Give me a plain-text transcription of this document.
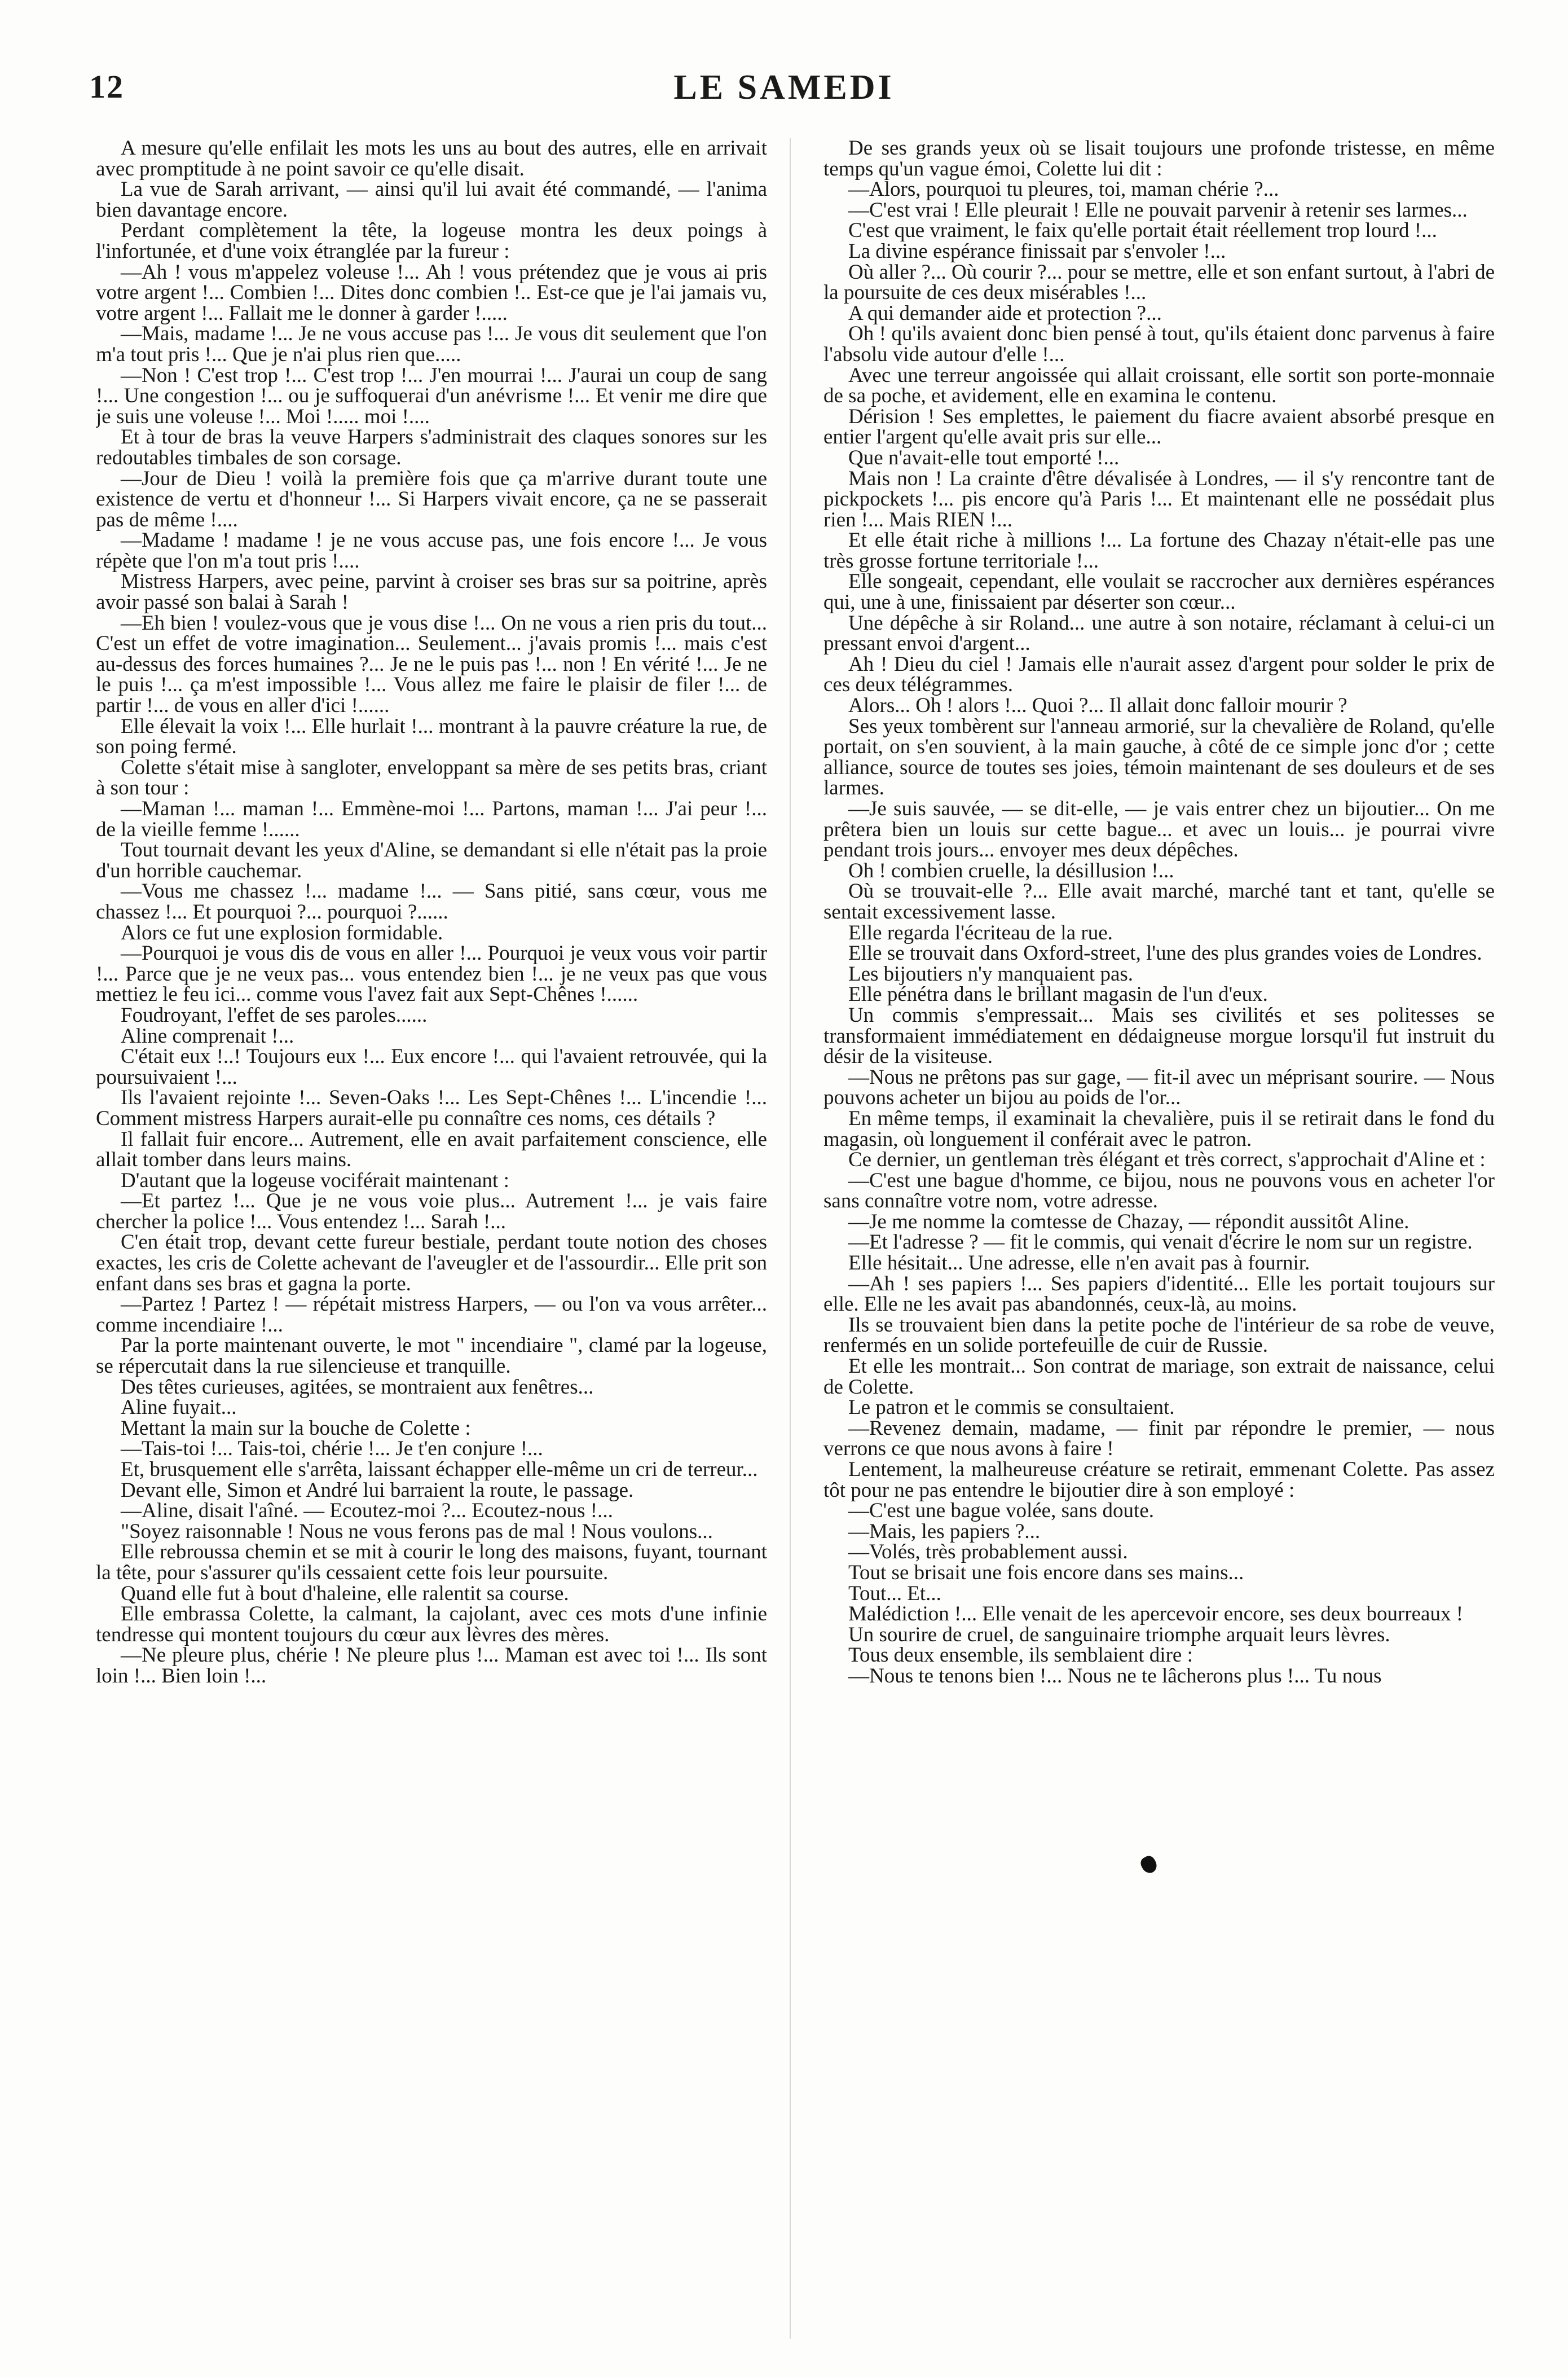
12	LE SAMEDI

A mesure qu'elle enfilait les mots les uns au bout des autres, elle en arrivait avec promptitude à ne point savoir ce qu'elle disait.

La vue de Sarah arrivant, — ainsi qu'il lui avait été commandé, — l'anima bien davantage encore.

Perdant complètement la tête, la logeuse montra les deux poings à l'infortunée, et d'une voix étranglée par la fureur :

—Ah ! vous m'appelez voleuse !... Ah ! vous prétendez que je vous ai pris votre argent !... Combien !... Dites donc combien !.. Est-ce que je l'ai jamais vu, votre argent !... Fallait me le donner à garder !.....

—Mais, madame !... Je ne vous accuse pas !... Je vous dit seulement que l'on m'a tout pris !... Que je n'ai plus rien que.....

—Non ! C'est trop !... C'est trop !... J'en mourrai !... J'aurai un coup de sang !... Une congestion !... ou je suffoquerai d'un anévrisme !... Et venir me dire que je suis une voleuse !... Moi !..... moi !....

Et à tour de bras la veuve Harpers s'administrait des claques sonores sur les redoutables timbales de son corsage.

—Jour de Dieu ! voilà la première fois que ça m'arrive durant toute une existence de vertu et d'honneur !... Si Harpers vivait encore, ça ne se passerait pas de même !....

—Madame ! madame ! je ne vous accuse pas, une fois encore !... Je vous répète que l'on m'a tout pris !....

Mistress Harpers, avec peine, parvint à croiser ses bras sur sa poitrine, après avoir passé son balai à Sarah !

—Eh bien ! voulez-vous que je vous dise !... On ne vous a rien pris du tout... C'est un effet de votre imagination... Seulement... j'avais promis !... mais c'est au-dessus des forces humaines ?... Je ne le puis pas !... non ! En vérité !... Je ne le puis !... ça m'est impossible !... Vous allez me faire le plaisir de filer !... de partir !... de vous en aller d'ici !......

Elle élevait la voix !... Elle hurlait !... montrant à la pauvre créature la rue, de son poing fermé.

Colette s'était mise à sangloter, enveloppant sa mère de ses petits bras, criant à son tour :

—Maman !... maman !... Emmène-moi !... Partons, maman !... J'ai peur !... de la vieille femme !......

Tout tournait devant les yeux d'Aline, se demandant si elle n'était pas la proie d'un horrible cauchemar.

—Vous me chassez !... madame !... — Sans pitié, sans cœur, vous me chassez !... Et pourquoi ?... pourquoi ?......

Alors ce fut une explosion formidable.

—Pourquoi je vous dis de vous en aller !... Pourquoi je veux vous voir partir !... Parce que je ne veux pas... vous entendez bien !... je ne veux pas que vous mettiez le feu ici... comme vous l'avez fait aux Sept-Chênes !......

Foudroyant, l'effet de ses paroles......

Aline comprenait !...

C'était eux !..! Toujours eux !... Eux encore !... qui l'avaient retrouvée, qui la poursuivaient !...

Ils l'avaient rejointe !... Seven-Oaks !... Les Sept-Chênes !... L'incendie !... Comment mistress Harpers aurait-elle pu connaître ces noms, ces détails ?

Il fallait fuir encore... Autrement, elle en avait parfaitement conscience, elle allait tomber dans leurs mains.

D'autant que la logeuse vociférait maintenant :

—Et partez !... Que je ne vous voie plus... Autrement !... je vais faire chercher la police !... Vous entendez !... Sarah !...

C'en était trop, devant cette fureur bestiale, perdant toute notion des choses exactes, les cris de Colette achevant de l'aveugler et de l'assourdir... Elle prit son enfant dans ses bras et gagna la porte.

—Partez ! Partez ! — répétait mistress Harpers, — ou l'on va vous arrêter... comme incendiaire !...

Par la porte maintenant ouverte, le mot " incendiaire ", clamé par la logeuse, se répercutait dans la rue silencieuse et tranquille.

Des têtes curieuses, agitées, se montraient aux fenêtres...

Aline fuyait...

Mettant la main sur la bouche de Colette :

—Tais-toi !... Tais-toi, chérie !... Je t'en conjure !...

Et, brusquement elle s'arrêta, laissant échapper elle-même un cri de terreur...

Devant elle, Simon et André lui barraient la route, le passage.

—Aline, disait l'aîné. — Ecoutez-moi ?... Ecoutez-nous !...

"Soyez raisonnable ! Nous ne vous ferons pas de mal ! Nous voulons...

Elle rebroussa chemin et se mit à courir le long des maisons, fuyant, tournant la tête, pour s'assurer qu'ils cessaient cette fois leur poursuite.

Quand elle fut à bout d'haleine, elle ralentit sa course.

Elle embrassa Colette, la calmant, la cajolant, avec ces mots d'une infinie tendresse qui montent toujours du cœur aux lèvres des mères.

—Ne pleure plus, chérie ! Ne pleure plus !... Maman est avec toi !... Ils sont loin !... Bien loin !...

De ses grands yeux où se lisait toujours une profonde tristesse, en même temps qu'un vague émoi, Colette lui dit :

—Alors, pourquoi tu pleures, toi, maman chérie ?...

—C'est vrai ! Elle pleurait ! Elle ne pouvait parvenir à retenir ses larmes...

C'est que vraiment, le faix qu'elle portait était réellement trop lourd !...

La divine espérance finissait par s'envoler !...

Où aller ?... Où courir ?... pour se mettre, elle et son enfant surtout, à l'abri de la poursuite de ces deux misérables !...

A qui demander aide et protection ?...

Oh ! qu'ils avaient donc bien pensé à tout, qu'ils étaient donc parvenus à faire l'absolu vide autour d'elle !...

Avec une terreur angoissée qui allait croissant, elle sortit son porte-monnaie de sa poche, et avidement, elle en examina le contenu.

Dérision ! Ses emplettes, le paiement du fiacre avaient absorbé presque en entier l'argent qu'elle avait pris sur elle...

Que n'avait-elle tout emporté !...

Mais non ! La crainte d'être dévalisée à Londres, — il s'y rencontre tant de pickpockets !... pis encore qu'à Paris !... Et maintenant elle ne possédait plus rien !... Mais RIEN !...

Et elle était riche à millions !... La fortune des Chazay n'était-elle pas une très grosse fortune territoriale !...

Elle songeait, cependant, elle voulait se raccrocher aux dernières espérances qui, une à une, finissaient par déserter son cœur...

Une dépêche à sir Roland... une autre à son notaire, réclamant à celui-ci un pressant envoi d'argent...

Ah ! Dieu du ciel ! Jamais elle n'aurait assez d'argent pour solder le prix de ces deux télégrammes.

Alors... Oh ! alors !... Quoi ?... Il allait donc falloir mourir ?

Ses yeux tombèrent sur l'anneau armorié, sur la chevalière de Roland, qu'elle portait, on s'en souvient, à la main gauche, à côté de ce simple jonc d'or ; cette alliance, source de toutes ses joies, témoin maintenant de ses douleurs et de ses larmes.

—Je suis sauvée, — se dit-elle, — je vais entrer chez un bijoutier... On me prêtera bien un louis sur cette bague... et avec un louis... je pourrai vivre pendant trois jours... envoyer mes deux dépêches.

Oh ! combien cruelle, la désillusion !...

Où se trouvait-elle ?... Elle avait marché, marché tant et tant, qu'elle se sentait excessivement lasse.

Elle regarda l'écriteau de la rue.

Elle se trouvait dans Oxford-street, l'une des plus grandes voies de Londres.

Les bijoutiers n'y manquaient pas.

Elle pénétra dans le brillant magasin de l'un d'eux.

Un commis s'empressait... Mais ses civilités et ses politesses se transformaient immédiatement en dédaigneuse morgue lorsqu'il fut instruit du désir de la visiteuse.

—Nous ne prêtons pas sur gage, — fit-il avec un méprisant sourire. — Nous pouvons acheter un bijou au poids de l'or...

En même temps, il examinait la chevalière, puis il se retirait dans le fond du magasin, où longuement il conférait avec le patron.

Ce dernier, un gentleman très élégant et très correct, s'approchait d'Aline et :

—C'est une bague d'homme, ce bijou, nous ne pouvons vous en acheter l'or sans connaître votre nom, votre adresse.

—Je me nomme la comtesse de Chazay, — répondit aussitôt Aline.

—Et l'adresse ? — fit le commis, qui venait d'écrire le nom sur un registre.

Elle hésitait... Une adresse, elle n'en avait pas à fournir.

—Ah ! ses papiers !... Ses papiers d'identité... Elle les portait toujours sur elle. Elle ne les avait pas abandonnés, ceux-là, au moins.

Ils se trouvaient bien dans la petite poche de l'intérieur de sa robe de veuve, renfermés en un solide portefeuille de cuir de Russie.

Et elle les montrait... Son contrat de mariage, son extrait de naissance, celui de Colette.

Le patron et le commis se consultaient.

—Revenez demain, madame, — finit par répondre le premier, — nous verrons ce que nous avons à faire !

Lentement, la malheureuse créature se retirait, emmenant Colette. Pas assez tôt pour ne pas entendre le bijoutier dire à son employé :

—C'est une bague volée, sans doute.

—Mais, les papiers ?...

—Volés, très probablement aussi.

Tout se brisait une fois encore dans ses mains...

Tout... Et...

Malédiction !... Elle venait de les apercevoir encore, ses deux bourreaux !

Un sourire de cruel, de sanguinaire triomphe arquait leurs lèvres.

Tous deux ensemble, ils semblaient dire :

—Nous te tenons bien !... Nous ne te lâcherons plus !... Tu nous
